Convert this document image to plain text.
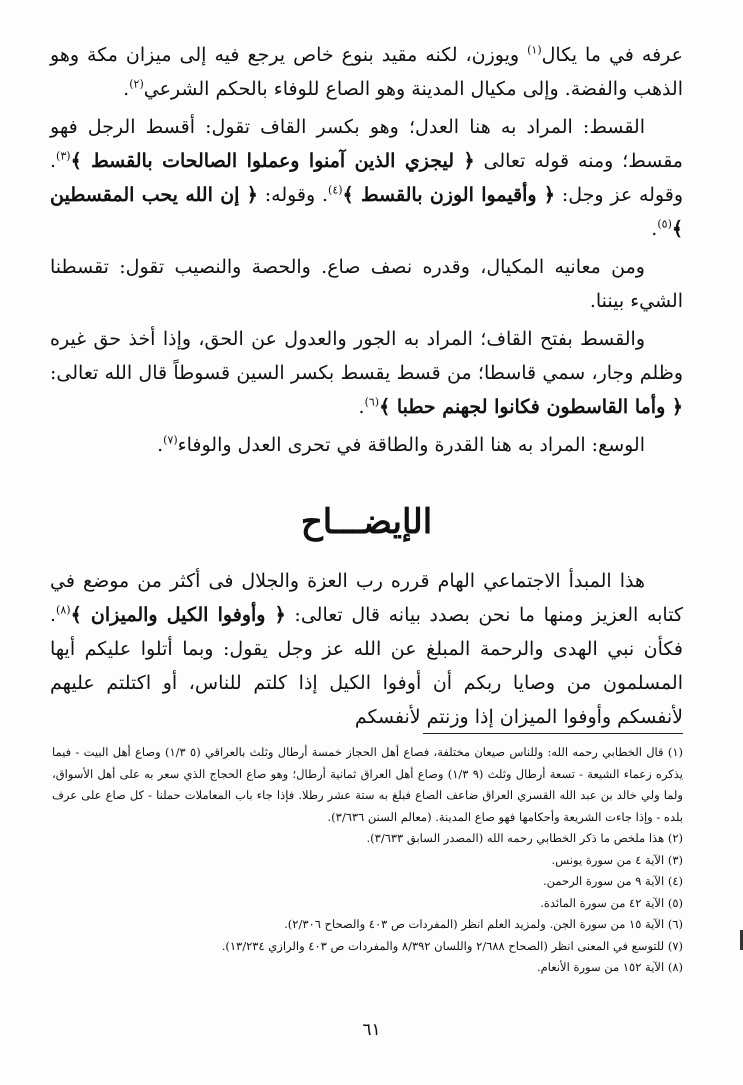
عرفه في ما يكال$^{(١)}$ ويوزن، لكنه مقيد بنوع خاص يرجع فيه إلى ميزان مكة وهو الذهب والفضة. وإلى مكيال المدينة وهو الصاع للوفاء بالحكم الشرعي$^{(٢)}$.

القسط: المراد به هنا العدل؛ وهو بكسر القاف تقول: أقسط الرجل فهو مقسط؛ ومنه قوله تعالى ﴿ ليجزي الذين آمنوا وعملوا الصالحات بالقسط ﴾$^{(٣)}$. وقوله عز وجل: ﴿ وأقيموا الوزن بالقسط ﴾$^{(٤)}$. وقوله: ﴿ إن الله يحب المقسطين ﴾$^{(٥)}$.

ومن معانيه المكيال، وقدره نصف صاع. والحصة والنصيب تقول: تقسطنا الشيء بيننا.

والقسط بفتح القاف؛ المراد به الجور والعدول عن الحق، وإذا أخذ حق غيره وظلم وجار، سمي قاسطا؛ من قسط يقسط بكسر السين قسوطاً قال الله تعالى: ﴿ وأما القاسطون فكانوا لجهنم حطبا ﴾$^{(٦)}$.

الوسع: المراد به هنا القدرة والطاقة في تحرى العدل والوفاء$^{(٧)}$.

الإيضـــاح

هذا المبدأ الاجتماعي الهام قرره رب العزة والجلال فى أكثر من موضع في كتابه العزيز ومنها ما نحن بصدد بيانه قال تعالى: ﴿ وأوفوا الكيل والميزان ﴾$^{(٨)}$. فكأن نبي الهدى والرحمة المبلغ عن الله عز وجل يقول: وبما أتلوا عليكم أيها المسلمون من وصايا ربكم أن أوفوا الكيل إذا كلتم للناس، أو اكتلتم عليهم لأنفسكم وأوفوا الميزان إذا وزنتم لأنفسكم

(١) قال الخطابي رحمه الله: وللناس صيعان مختلفة، فصاع أهل الحجاز خمسة أرطال وثلث بالعراقي (٥ ١/٣) وصاع أهل البيت - فيما يذكره زعماء الشيعة - تسعة أرطال وثلث (٩ ١/٣) وصاع أهل العراق ثمانية أرطال؛ وهو صاع الحجاج الذي سعر به على أهل الأسواق، ولما ولي خالد بن عبد الله القسري العراق ضاعف الصاع فبلغ به ستة عشر رطلا. فإذا جاء باب المعاملات حملنا - كل صاع على عرف بلده - وإذا جاءت الشريعة وأحكامها فهو صاع المدينة. (معالم السنن ٣/٦٣٦).

(٢) هذا ملخص ما ذكر الخطابي رحمه الله (المصدر السابق ٣/٦٣٣).

(٣) الآية ٤ من سورة يونس.

(٤) الآية ٩ من سورة الرحمن.

(٥) الآية ٤٢ من سورة المائدة.

(٦) الآية ١٥ من سورة الجن. ولمزيد العلم انظر (المفردات ص ٤٠٣ والصحاح ٢/٣٠٦).

(٧) للتوسع في المعنى انظر (الصحاح ٢/٦٨٨ واللسان ٨/٣٩٢ والمفردات ص ٤٠٣ والرازي ١٣/٢٣٤).

(٨) الآية ١٥٢ من سورة الأنعام.

٦١
